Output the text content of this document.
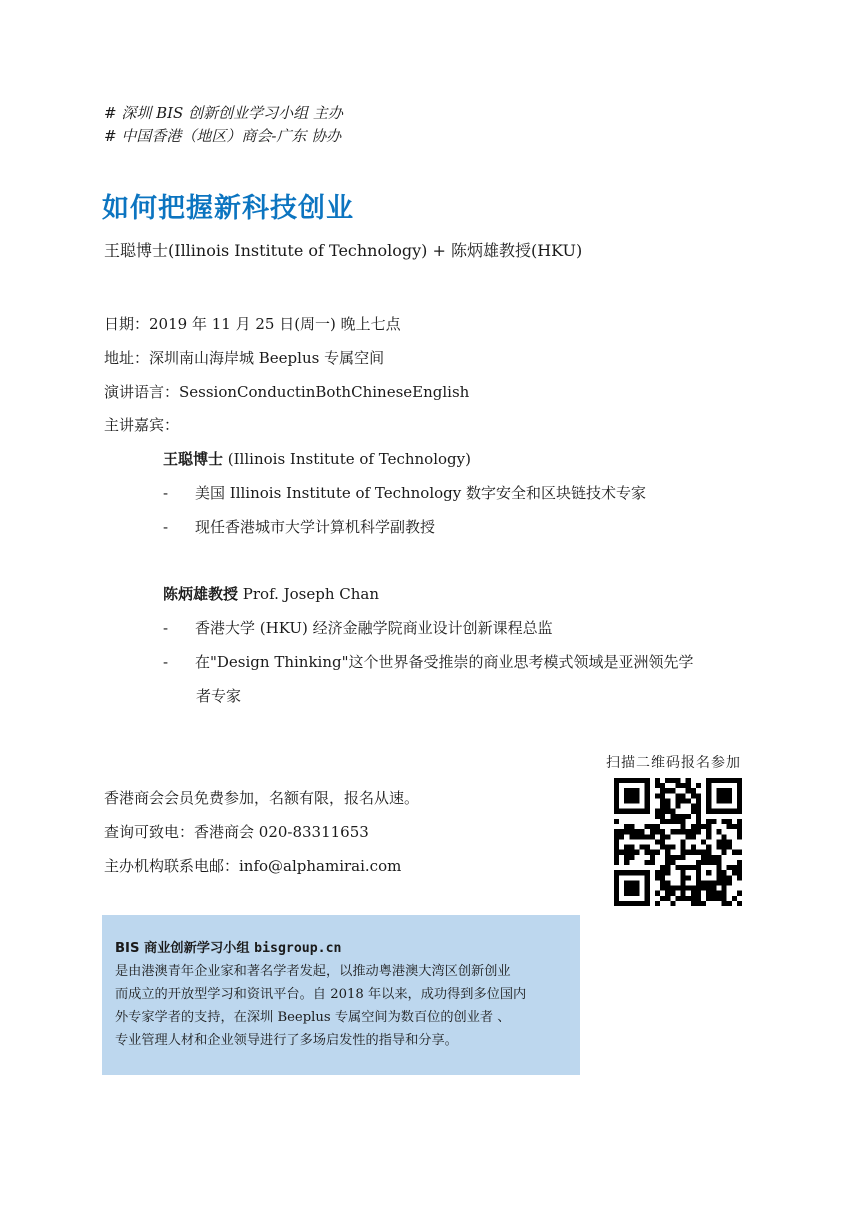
# 深圳 BIS 创新创业学习小组 主办
# 中国香港（地区）商会-广东 协办
如何把握新科技创业
王聪博士(Illinois Institute of Technology) + 陈炳雄教授(HKU)
日期：2019 年 11 月 25 日(周一) 晚上七点
地址：深圳南山海岸城 Beeplus 专属空间
演讲语言：SessionConductinBothChineseEnglish
主讲嘉宾：
王聪博士 (Illinois Institute of Technology)
- 美国 Illinois Institute of Technology 数字安全和区块链技术专家
- 现任香港城市大学计算机科学副教授
陈炳雄教授 Prof. Joseph Chan
- 香港大学 (HKU) 经济金融学院商业设计创新课程总监
- 在"Design Thinking"这个世界备受推崇的商业思考模式领域是亚洲领先学
者专家
扫描二维码报名参加
香港商会会员免费参加，名额有限，报名从速。
查询可致电：香港商会 020-83311653
主办机构联系电邮：info@alphamirai.com
BIS 商业创新学习小组 bisgroup.cn
是由港澳青年企业家和著名学者发起，以推动粤港澳大湾区创新创业
而成立的开放型学习和资讯平台。自 2018 年以来，成功得到多位国内
外专家学者的支持，在深圳 Beeplus 专属空间为数百位的创业者 、
专业管理人材和企业领导进行了多场启发性的指导和分享。
